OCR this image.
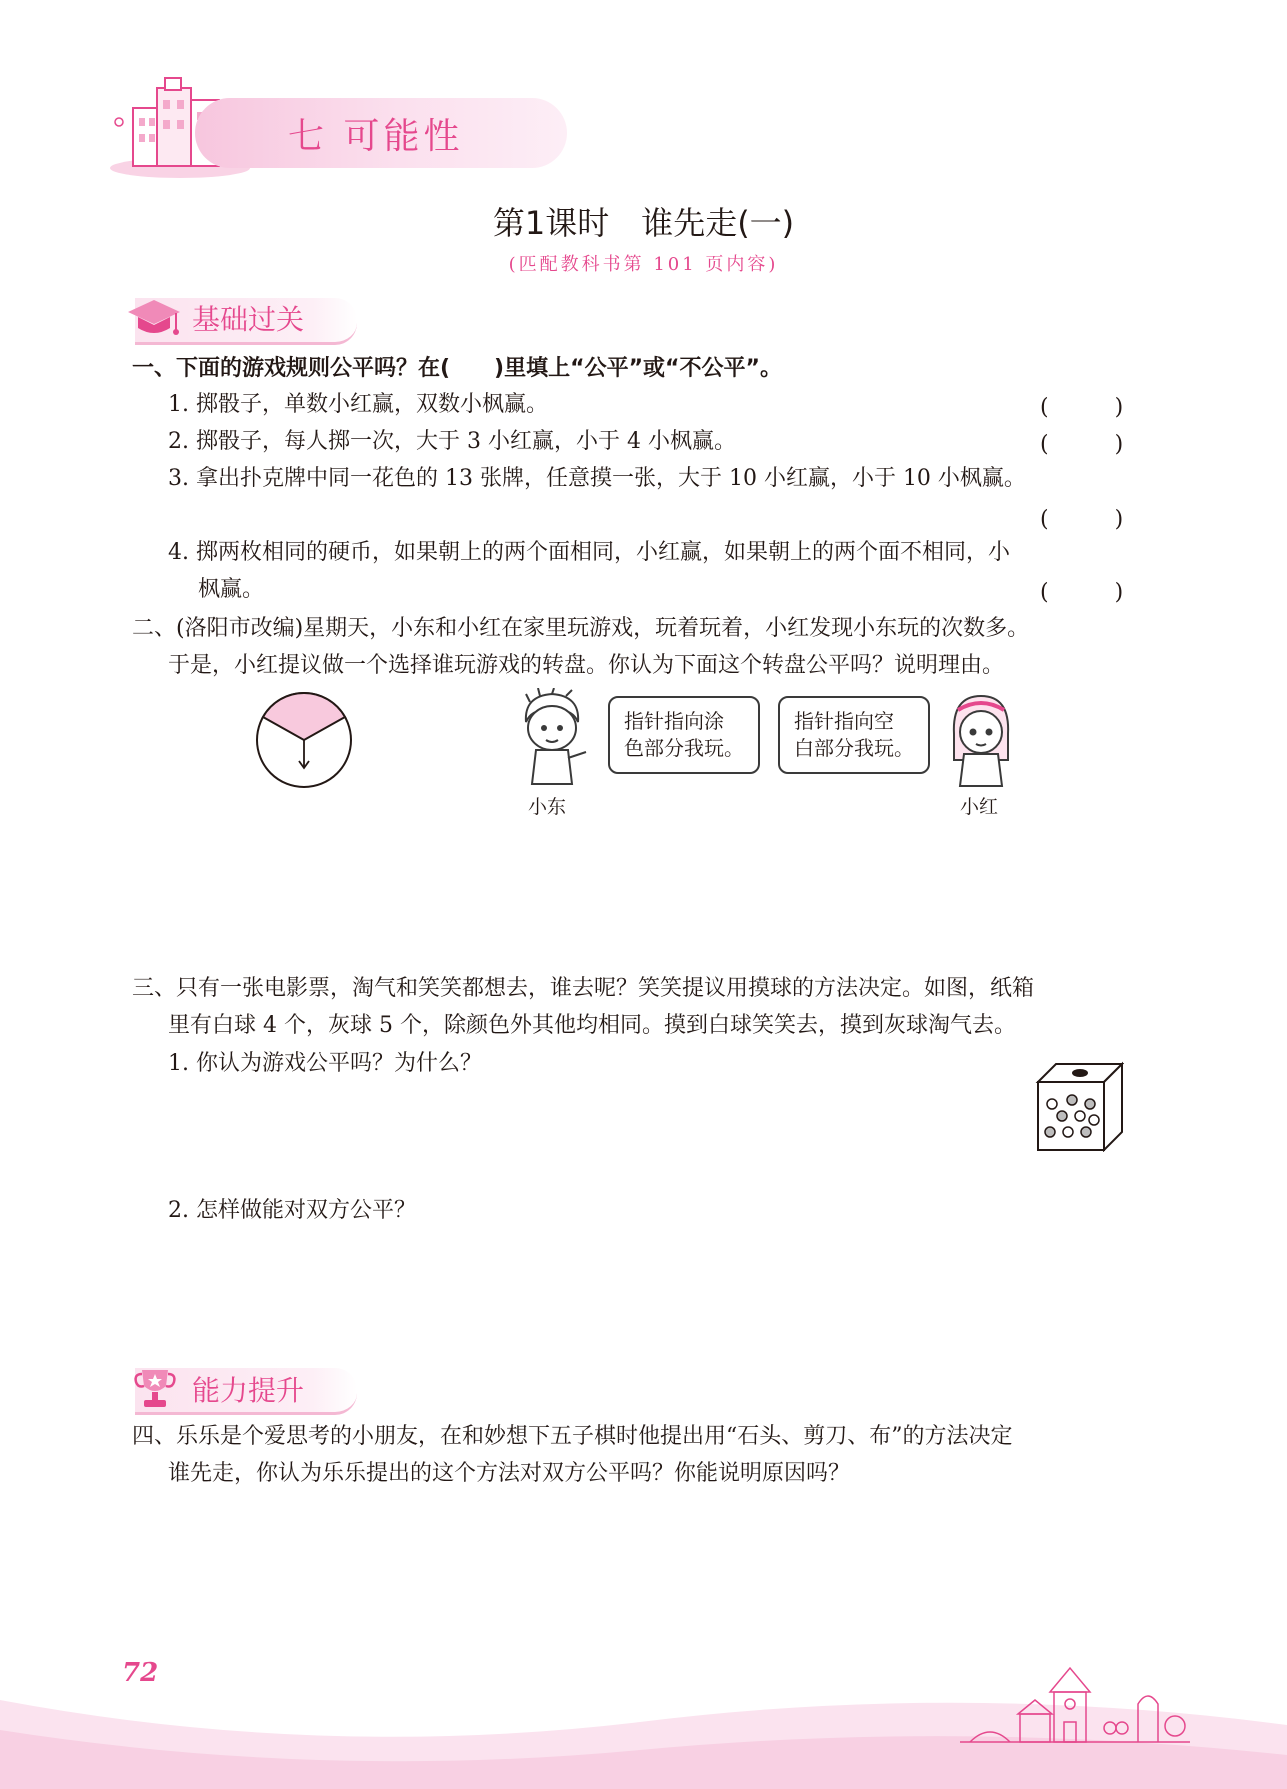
七 可能性
第1课时　谁先走(一)
(匹配教科书第 101 页内容)
基础过关
一、下面的游戏规则公平吗？在(　　)里填上“公平”或“不公平”。
1. 掷骰子，单数小红赢，双数小枫赢。	(　　　)
2. 掷骰子，每人掷一次，大于 3 小红赢，小于 4 小枫赢。	(　　　)
3. 拿出扑克牌中同一花色的 13 张牌，任意摸一张，大于 10 小红赢，小于 10 小枫赢。
(　　　)
4. 掷两枚相同的硬币，如果朝上的两个面相同，小红赢，如果朝上的两个面不相同，小
枫赢。	(　　　)
二、(洛阳市改编)星期天，小东和小红在家里玩游戏，玩着玩着，小红发现小东玩的次数多。
于是，小红提议做一个选择谁玩游戏的转盘。你认为下面这个转盘公平吗？说明理由。
指针指向涂
色部分我玩。
指针指向空
白部分我玩。
小东	小红
三、只有一张电影票，淘气和笑笑都想去，谁去呢？笑笑提议用摸球的方法决定。如图，纸箱
里有白球 4 个，灰球 5 个，除颜色外其他均相同。摸到白球笑笑去，摸到灰球淘气去。
1. 你认为游戏公平吗？为什么？
2. 怎样做能对双方公平？
能力提升
四、乐乐是个爱思考的小朋友，在和妙想下五子棋时他提出用“石头、剪刀、布”的方法决定
谁先走，你认为乐乐提出的这个方法对双方公平吗？你能说明原因吗？
72
